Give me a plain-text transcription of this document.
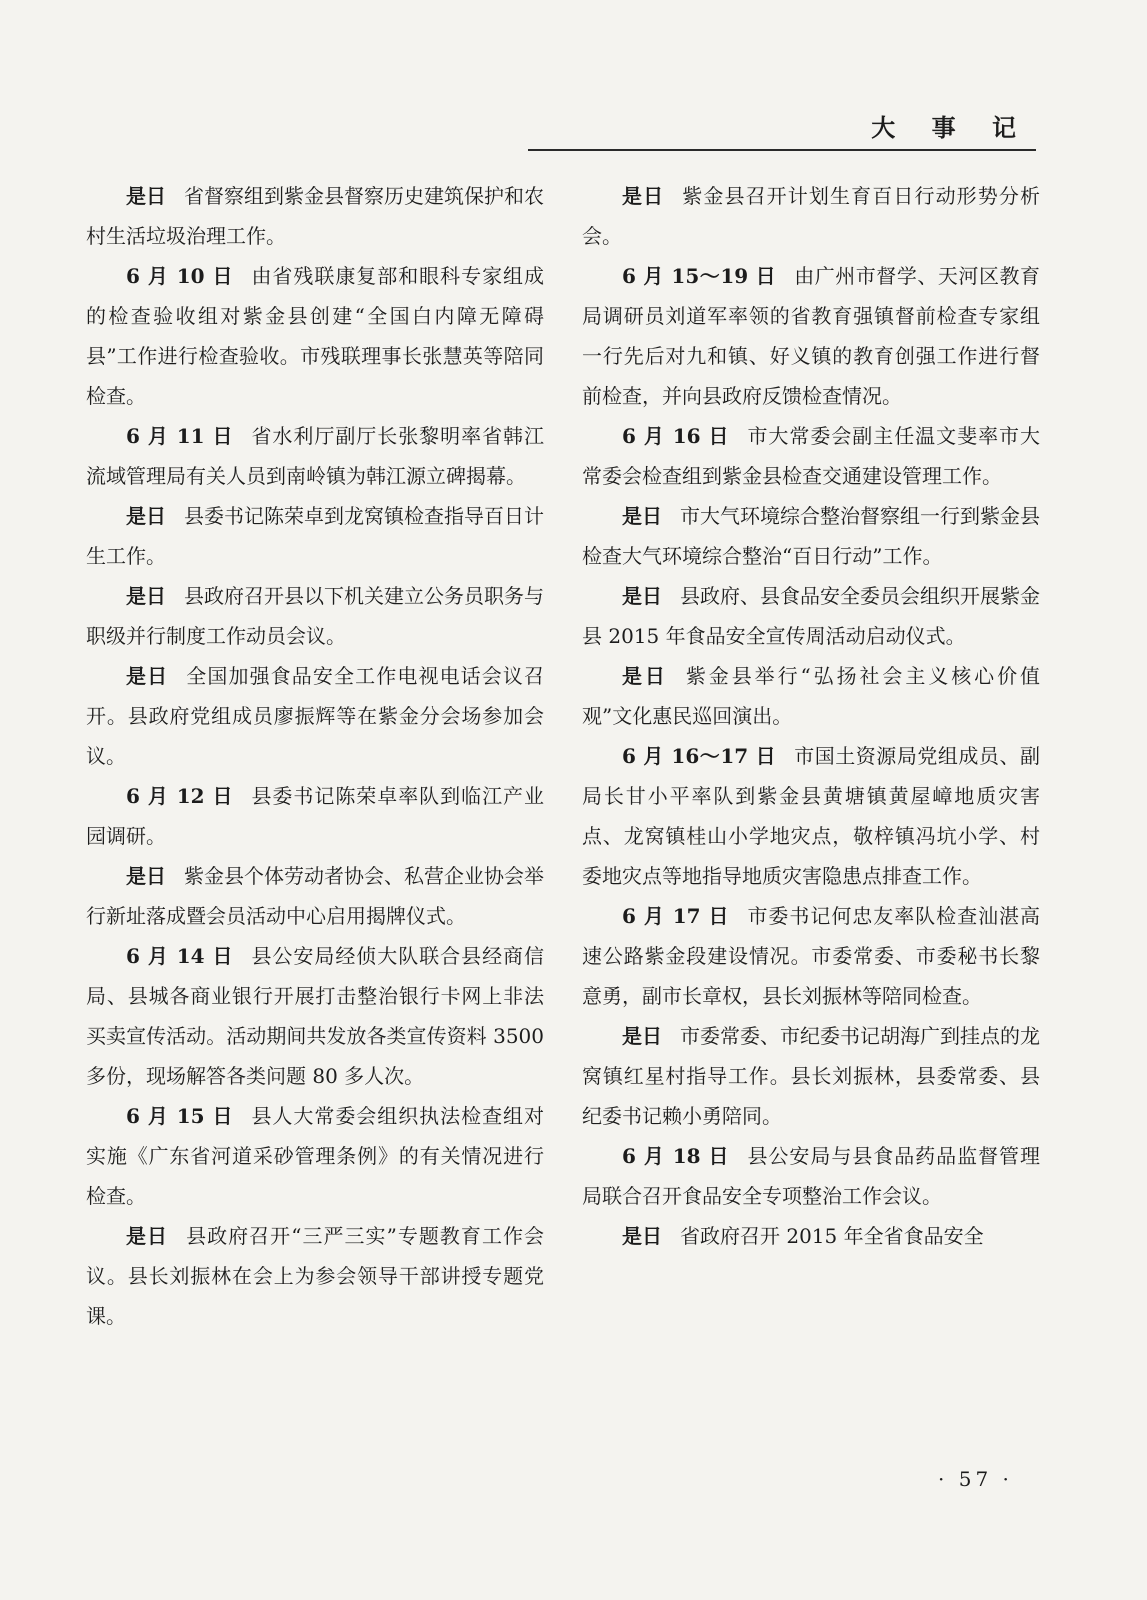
大 事 记

是日 省督察组到紫金县督察历史建筑保护和农村生活垃圾治理工作。

6 月 10 日 由省残联康复部和眼科专家组成的检查验收组对紫金县创建“全国白内障无障碍县”工作进行检查验收。市残联理事长张慧英等陪同检查。

6 月 11 日 省水利厅副厅长张黎明率省韩江流域管理局有关人员到南岭镇为韩江源立碑揭幕。

是日 县委书记陈荣卓到龙窝镇检查指导百日计生工作。

是日 县政府召开县以下机关建立公务员职务与职级并行制度工作动员会议。

是日 全国加强食品安全工作电视电话会议召开。县政府党组成员廖振辉等在紫金分会场参加会议。

6 月 12 日 县委书记陈荣卓率队到临江产业园调研。

是日 紫金县个体劳动者协会、私营企业协会举行新址落成暨会员活动中心启用揭牌仪式。

6 月 14 日 县公安局经侦大队联合县经商信局、县城各商业银行开展打击整治银行卡网上非法买卖宣传活动。活动期间共发放各类宣传资料 3500 多份，现场解答各类问题 80 多人次。

6 月 15 日 县人大常委会组织执法检查组对实施《广东省河道采砂管理条例》的有关情况进行检查。

是日 县政府召开“三严三实”专题教育工作会议。县长刘振林在会上为参会领导干部讲授专题党课。

是日 紫金县召开计划生育百日行动形势分析会。

6 月 15～19 日 由广州市督学、天河区教育局调研员刘道军率领的省教育强镇督前检查专家组一行先后对九和镇、好义镇的教育创强工作进行督前检查，并向县政府反馈检查情况。

6 月 16 日 市大常委会副主任温文斐率市大常委会检查组到紫金县检查交通建设管理工作。

是日 市大气环境综合整治督察组一行到紫金县检查大气环境综合整治“百日行动”工作。

是日 县政府、县食品安全委员会组织开展紫金县 2015 年食品安全宣传周活动启动仪式。

是日 紫金县举行“弘扬社会主义核心价值观”文化惠民巡回演出。

6 月 16～17 日 市国土资源局党组成员、副局长甘小平率队到紫金县黄塘镇黄屋嶂地质灾害点、龙窝镇桂山小学地灾点，敬梓镇冯坑小学、村委地灾点等地指导地质灾害隐患点排查工作。

6 月 17 日 市委书记何忠友率队检查汕湛高速公路紫金段建设情况。市委常委、市委秘书长黎意勇，副市长章权，县长刘振林等陪同检查。

是日 市委常委、市纪委书记胡海广到挂点的龙窝镇红星村指导工作。县长刘振林，县委常委、县纪委书记赖小勇陪同。

6 月 18 日 县公安局与县食品药品监督管理局联合召开食品安全专项整治工作会议。

是日 省政府召开 2015 年全省食品安全

· 57 ·
